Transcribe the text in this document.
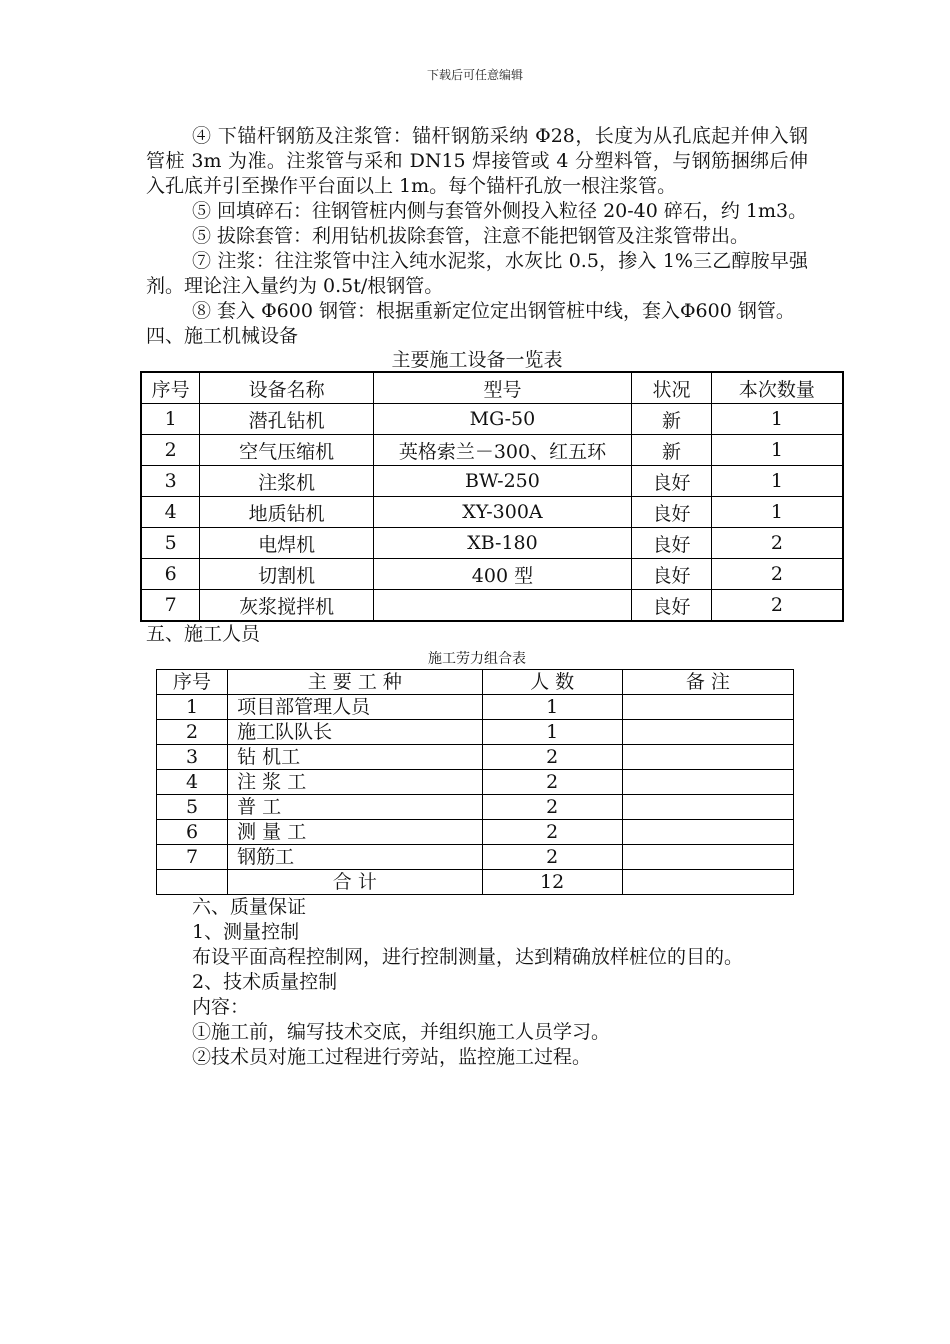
下载后可任意编辑

④ 下锚杆钢筋及注浆管：锚杆钢筋采纳 Φ28，长度为从孔底起并伸入钢管桩 3m 为准。注浆管与采和 DN15 焊接管或 4 分塑料管，与钢筋捆绑后伸入孔底并引至操作平台面以上 1m。每个锚杆孔放一根注浆管。

⑤ 回填碎石：往钢管桩内侧与套管外侧投入粒径 20-40 碎石，约 1m3。

⑤ 拔除套管：利用钻机拔除套管，注意不能把钢管及注浆管带出。

⑦ 注浆：往注浆管中注入纯水泥浆，水灰比 0.5，掺入 1%三乙醇胺早强剂。理论注入量约为 0.5t/根钢管。

⑧ 套入 Φ600 钢管：根据重新定位定出钢管桩中线，套入Φ600 钢管。

四、施工机械设备

主要施工设备一览表

序号	设备名称	型号	状况	本次数量
1	潜孔钻机	MG-50	新	1
2	空气压缩机	英格索兰－300、红五环	新	1
3	注浆机	BW-250	良好	1
4	地质钻机	XY-300A	良好	1
5	电焊机	XB-180	良好	2
6	切割机	400 型	良好	2
7	灰浆搅拌机		良好	2

五、施工人员

施工劳力组合表

序号	主 要 工 种	人 数	备 注
1	项目部管理人员	1	
2	施工队队长	1	
3	钻 机工	2	
4	注 浆 工	2	
5	普 工	2	
6	测 量 工	2	
7	钢筋工	2	
	合 计	12	

六、质量保证

1、测量控制

布设平面高程控制网，进行控制测量，达到精确放样桩位的目的。

2、技术质量控制

内容：

①施工前，编写技术交底，并组织施工人员学习。

②技术员对施工过程进行旁站，监控施工过程。
